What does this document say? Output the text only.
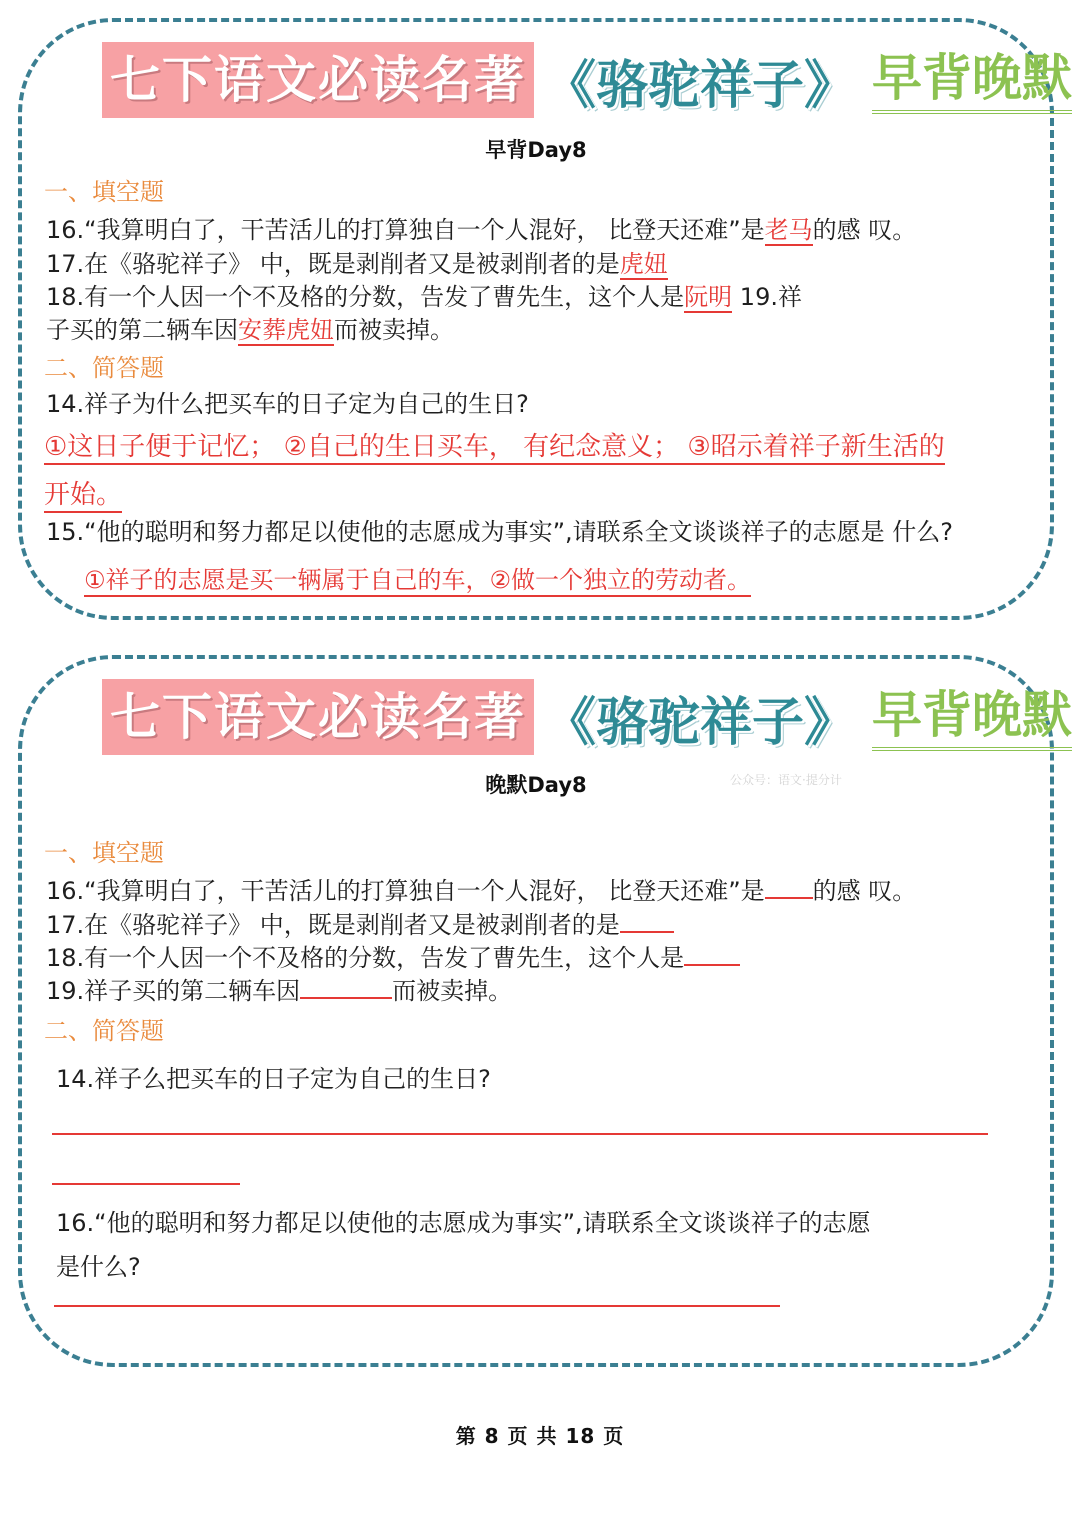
七下语文必读名著 《骆驼祥子》 早背晚默
早背Day8
一、填空题
16.“我算明白了，干苦活儿的打算独自一个人混好， 比登天还难”是老马的感 叹。
17.在《骆驼祥子》 中，既是剥削者又是被剥削者的是虎妞
18.有一个人因一个不及格的分数，告发了曹先生，这个人是阮明 19.祥
子买的第二辆车因安葬虎妞而被卖掉。
二、简答题
14.祥子为什么把买车的日子定为自己的生日?
①这日子便于记忆； ②自己的生日买车， 有纪念意义； ③昭示着祥子新生活的
开始。
15.“他的聪明和努力都足以使他的志愿成为事实”,请联系全文谈谈祥子的志愿是 什么?
①祥子的志愿是买一辆属于自己的车，②做一个独立的劳动者。
七下语文必读名著 《骆驼祥子》 早背晚默
晚默Day8	公众号：语文·提分计
一、填空题
16.“我算明白了，干苦活儿的打算独自一个人混好， 比登天还难”是 的感 叹。
17.在《骆驼祥子》 中，既是剥削者又是被剥削者的是
18.有一个人因一个不及格的分数，告发了曹先生，这个人是
19.祥子买的第二辆车因	而被卖掉。
二、简答题
14.祥子么把买车的日子定为自己的生日?
16.“他的聪明和努力都足以使他的志愿成为事实”,请联系全文谈谈祥子的志愿
是什么?
第 8 页 共 18 页
